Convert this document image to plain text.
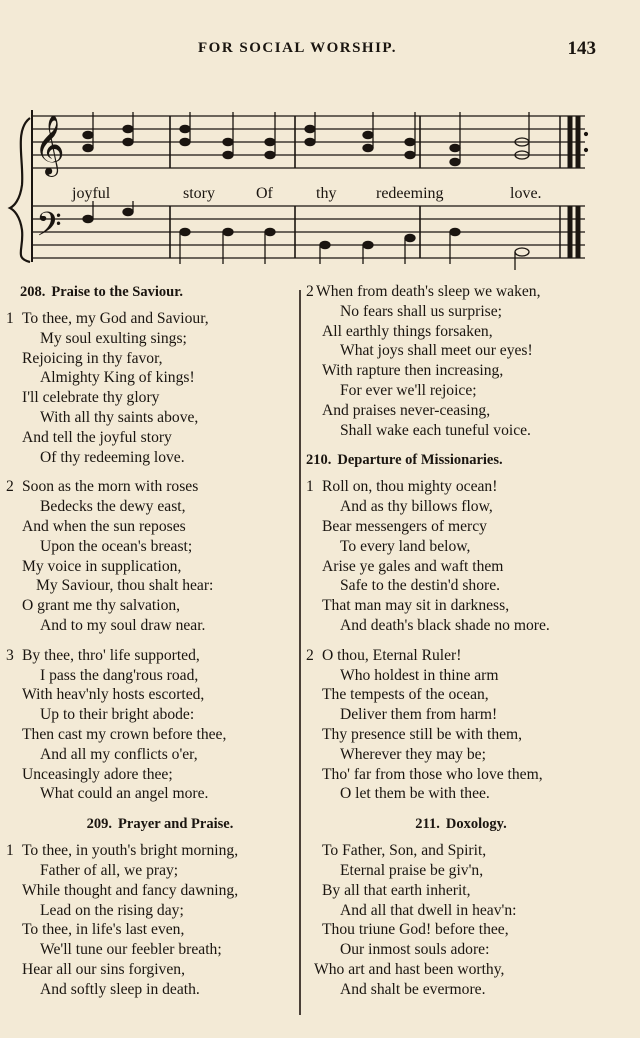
FOR SOCIAL WORSHIP.	143
𝄞
𝄢
joyful	story	Of	thy redeeming	love.
208. Praise to the Saviour.
1 To thee, my God and Saviour,
My soul exulting sings;
Rejoicing in thy favor,
Almighty King of kings!
I'll celebrate thy glory
With all thy saints above,
And tell the joyful story
Of thy redeeming love.
2 Soon as the morn with roses
Bedecks the dewy east,
And when the sun reposes
Upon the ocean's breast;
My voice in supplication,
My Saviour, thou shalt hear:
O grant me thy salvation,
And to my soul draw near.
3 By thee, thro' life supported,
I pass the dang'rous road,
With heav'nly hosts escorted,
Up to their bright abode:
Then cast my crown before thee,
And all my conflicts o'er,
Unceasingly adore thee;
What could an angel more.
209. Prayer and Praise.
1 To thee, in youth's bright morning,
Father of all, we pray;
While thought and fancy dawning,
Lead on the rising day;
To thee, in life's last even,
We'll tune our feebler breath;
Hear all our sins forgiven,
And softly sleep in death.
2 When from death's sleep we waken,
No fears shall us surprise;
All earthly things forsaken,
What joys shall meet our eyes!
With rapture then increasing,
For ever we'll rejoice;
And praises never-ceasing,
Shall wake each tuneful voice.
210. Departure of Missionaries.
1 Roll on, thou mighty ocean!
And as thy billows flow,
Bear messengers of mercy
To every land below,
Arise ye gales and waft them
Safe to the destin'd shore.
That man may sit in darkness,
And death's black shade no more.
2 O thou, Eternal Ruler!
Who holdest in thine arm
The tempests of the ocean,
Deliver them from harm!
Thy presence still be with them,
Wherever they may be;
Tho' far from those who love them,
O let them be with thee.
211. Doxology.
To Father, Son, and Spirit,
Eternal praise be giv'n,
By all that earth inherit,
And all that dwell in heav'n:
Thou triune God! before thee,
Our inmost souls adore:
Who art and hast been worthy,
And shalt be evermore.
